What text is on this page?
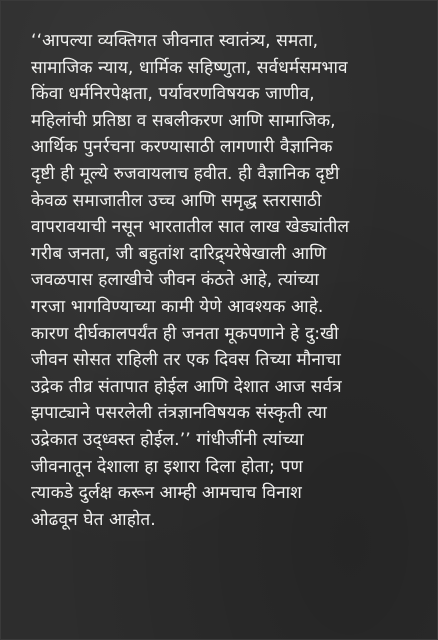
‘‘आपल्या व्यक्तिगत जीवनात स्वातंत्र्य, समता,
सामाजिक न्याय, धार्मिक सहिष्णुता, सर्वधर्मसमभाव
किंवा धर्मनिरपेक्षता, पर्यावरणविषयक जाणीव,
महिलांची प्रतिष्ठा व सबलीकरण आणि सामाजिक,
आर्थिक पुनर्रचना करण्यासाठी लागणारी वैज्ञानिक
दृष्टी ही मूल्ये रुजवायलाच हवीत. ही वैज्ञानिक दृष्टी
केवळ समाजातील उच्च आणि समृद्ध स्तरासाठी
वापरावयाची नसून भारतातील सात लाख खेड्यांतील
गरीब जनता, जी बहुतांश दारिद्र्यरेषेखाली आणि
जवळपास हलाखीचे जीवन कंठते आहे, त्यांच्या
गरजा भागविण्याच्या कामी येणे आवश्यक आहे.
कारण दीर्घकालपर्यंत ही जनता मूकपणाने हे दु:खी
जीवन सोसत राहिली तर एक दिवस तिच्या मौनाचा
उद्रेक तीव्र संतापात होईल आणि देशात आज सर्वत्र
झपाट्याने पसरलेली तंत्रज्ञानविषयक संस्कृती त्या
उद्रेकात उद्ध्वस्त होईल.’’ गांधीजींनी त्यांच्या
जीवनातून देशाला हा इशारा दिला होता; पण
त्याकडे दुर्लक्ष करून आम्ही आमचाच विनाश
ओढवून घेत आहोत.
